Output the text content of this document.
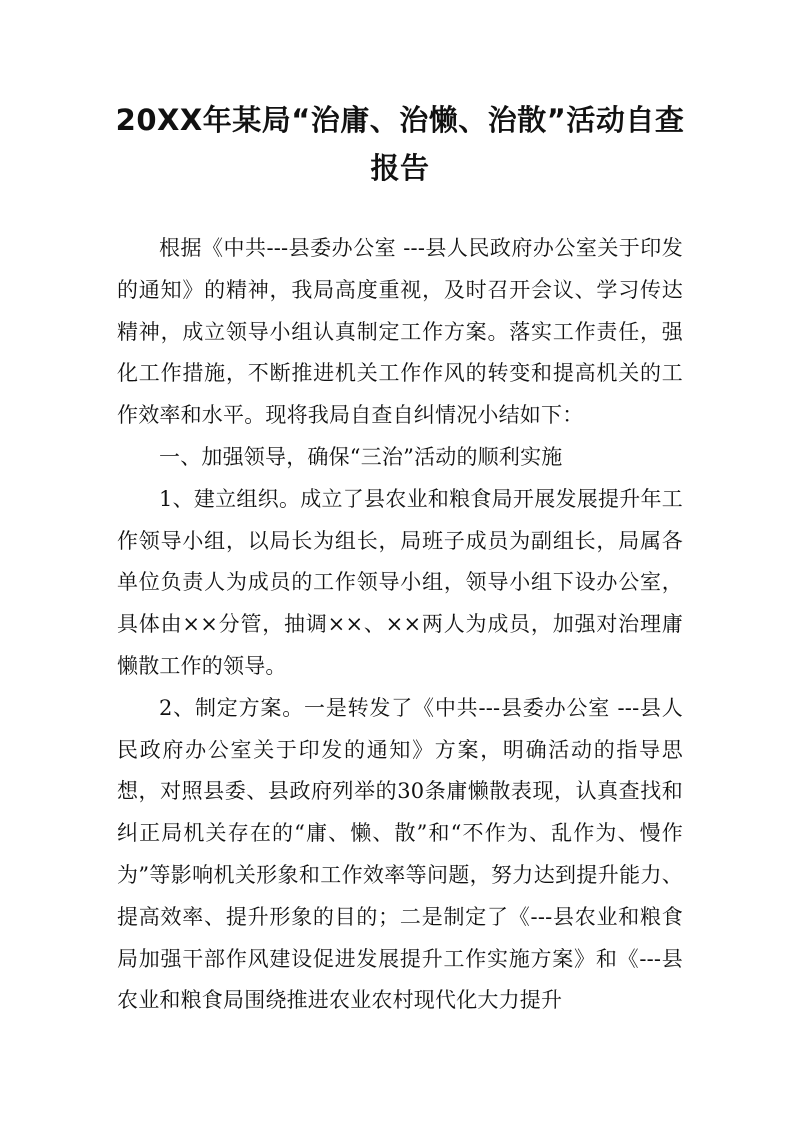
20XX年某局“治庸、治懒、治散”活动自查报告

根据《中共---县委办公室 ---县人民政府办公室关于印发的通知》的精神，我局高度重视，及时召开会议、学习传达精神，成立领导小组认真制定工作方案。落实工作责任，强化工作措施，不断推进机关工作作风的转变和提高机关的工作效率和水平。现将我局自查自纠情况小结如下：

一、加强领导，确保“三治”活动的顺利实施

1、建立组织。成立了县农业和粮食局开展发展提升年工作领导小组，以局长为组长，局班子成员为副组长，局属各单位负责人为成员的工作领导小组，领导小组下设办公室，具体由××分管，抽调××、××两人为成员，加强对治理庸懒散工作的领导。

2、制定方案。一是转发了《中共---县委办公室 ---县人民政府办公室关于印发的通知》方案，明确活动的指导思想，对照县委、县政府列举的30条庸懒散表现，认真查找和纠正局机关存在的“庸、懒、散”和“不作为、乱作为、慢作为”等影响机关形象和工作效率等问题，努力达到提升能力、提高效率、提升形象的目的；二是制定了《---县农业和粮食局加强干部作风建设促进发展提升工作实施方案》和《---县农业和粮食局围绕推进农业农村现代化大力提升
